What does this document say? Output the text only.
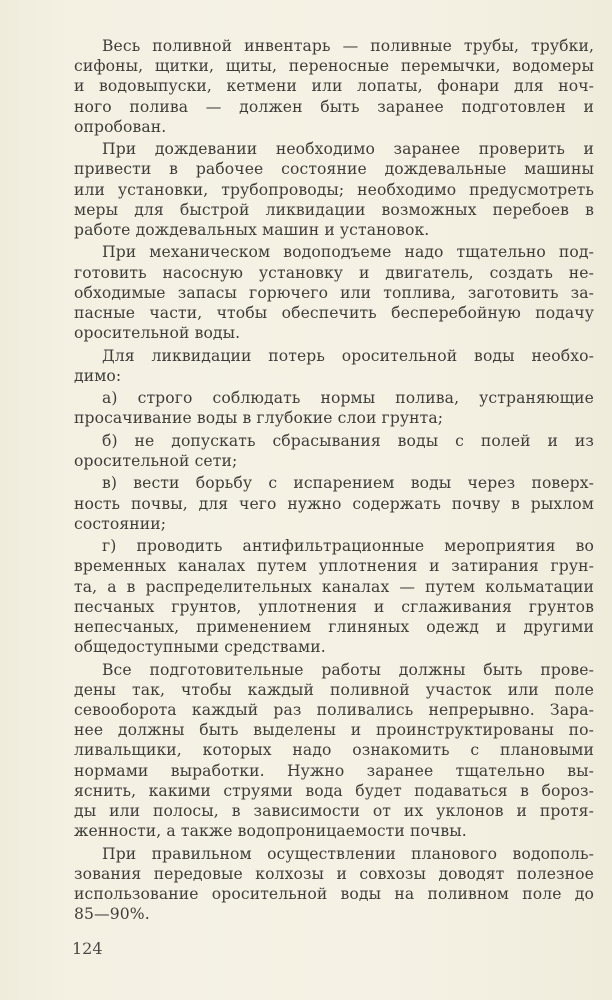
Весь поливной инвентарь — поливные трубы, трубки,
сифоны, щитки, щиты, переносные перемычки, водомеры
и водовыпуски, кетмени или лопаты, фонари для ноч-
ного полива — должен быть заранее подготовлен и
опробован.
При дождевании необходимо заранее проверить и
привести в рабочее состояние дождевальные машины
или установки, трубопроводы; необходимо предусмотреть
меры для быстрой ликвидации возможных перебоев в
работе дождевальных машин и установок.
При механическом водоподъеме надо тщательно под-
готовить насосную установку и двигатель, создать не-
обходимые запасы горючего или топлива, заготовить за-
пасные части, чтобы обеспечить бесперебойную подачу
оросительной воды.
Для ликвидации потерь оросительной воды необхо-
димо:
а) строго соблюдать нормы полива, устраняющие
просачивание воды в глубокие слои грунта;
б) не допускать сбрасывания воды с полей и из
оросительной сети;
в) вести борьбу с испарением воды через поверх-
ность почвы, для чего нужно содержать почву в рыхлом
состоянии;
г) проводить антифильтрационные мероприятия во
временных каналах путем уплотнения и затирания грун-
та, а в распределительных каналах — путем кольматации
песчаных грунтов, уплотнения и сглаживания грунтов
непесчаных, применением глиняных одежд и другими
общедоступными средствами.
Все подготовительные работы должны быть прове-
дены так, чтобы каждый поливной участок или поле
севооборота каждый раз поливались непрерывно. Зара-
нее должны быть выделены и проинструктированы по-
ливальщики, которых надо ознакомить с плановыми
нормами выработки. Нужно заранее тщательно вы-
яснить, какими струями вода будет подаваться в бороз-
ды или полосы, в зависимости от их уклонов и протя-
женности, а также водопроницаемости почвы.
При правильном осуществлении планового водополь-
зования передовые колхозы и совхозы доводят полезное
использование оросительной воды на поливном поле до
85—90%.
124
